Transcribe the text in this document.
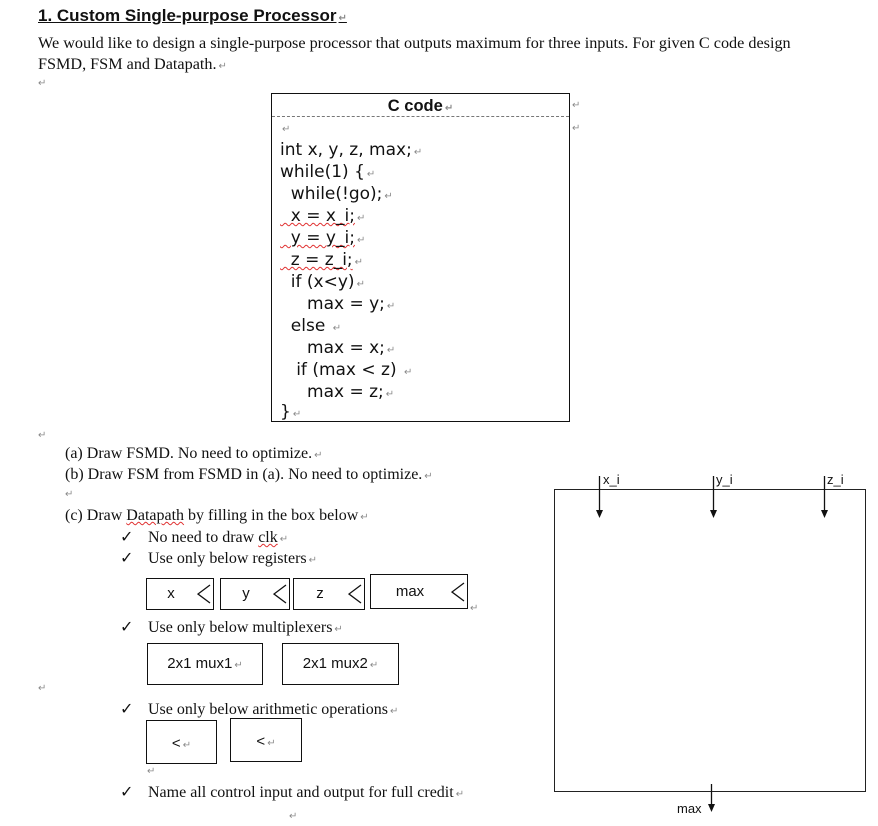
1. Custom Single-purpose Processor ↵
We would like to design a single-purpose processor that outputs maximum for three inputs. For given C code design FSMD, FSM and Datapath. ↵
↵
C code ↵
↵
int x, y, z, max; ↵
while(1) { ↵
while(!go); ↵
x = x_i; ↵
y = y_i; ↵
z = z_i; ↵
if (x<y) ↵
max = y; ↵
else ↵
max = x; ↵
if (max < z) ↵
max = z; ↵
} ↵
↵
↵
↵
(a) Draw FSMD. No need to optimize. ↵
(b) Draw FSM from FSMD in (a). No need to optimize. ↵
↵
(c) Draw Datapath by filling in the box below ↵
✓ No need to draw clk ↵
✓ Use only below registers ↵
x	y	z	max
↵
✓ Use only below multiplexers ↵
2x1 mux1 ↵	2x1 mux2 ↵
↵
✓ Use only below arithmetic operations ↵
< ↵	< ↵
↵
✓ Name all control input and output for full credit ↵
↵
x_i	y_i	z_i
max
